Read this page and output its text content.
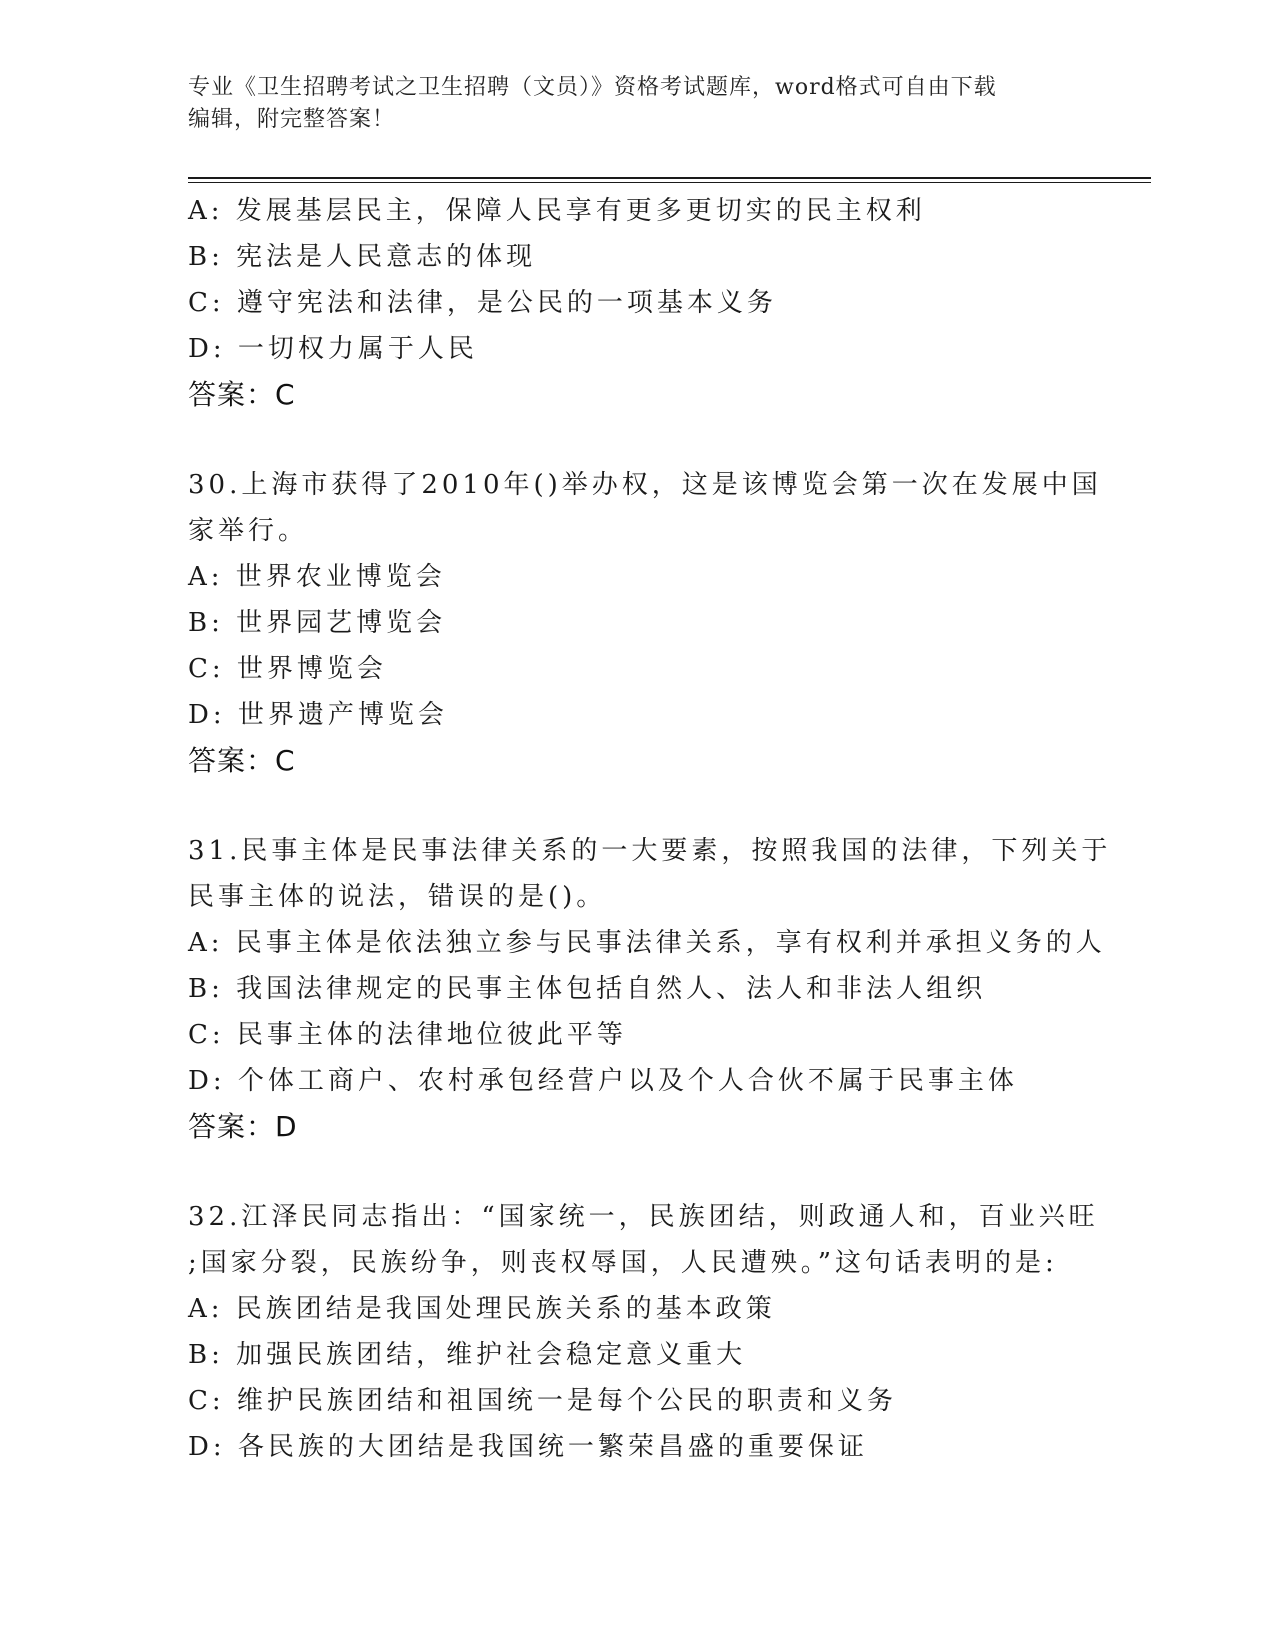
专业《卫生招聘考试之卫生招聘（文员）》资格考试题库，word格式可自由下载
编辑，附完整答案！
A: 发展基层民主，保障人民享有更多更切实的民主权利
B: 宪法是人民意志的体现
C: 遵守宪法和法律，是公民的一项基本义务
D: 一切权力属于人民
答案：C
30.上海市获得了2010年()举办权，这是该博览会第一次在发展中国
家举行。
A: 世界农业博览会
B: 世界园艺博览会
C: 世界博览会
D: 世界遗产博览会
答案：C
31.民事主体是民事法律关系的一大要素，按照我国的法律，下列关于
民事主体的说法，错误的是()。
A: 民事主体是依法独立参与民事法律关系，享有权利并承担义务的人
B: 我国法律规定的民事主体包括自然人、法人和非法人组织
C: 民事主体的法律地位彼此平等
D: 个体工商户、农村承包经营户以及个人合伙不属于民事主体
答案：D
32.江泽民同志指出：“国家统一，民族团结，则政通人和，百业兴旺
;国家分裂，民族纷争，则丧权辱国，人民遭殃。”这句话表明的是:
A: 民族团结是我国处理民族关系的基本政策
B: 加强民族团结，维护社会稳定意义重大
C: 维护民族团结和祖国统一是每个公民的职责和义务
D: 各民族的大团结是我国统一繁荣昌盛的重要保证
